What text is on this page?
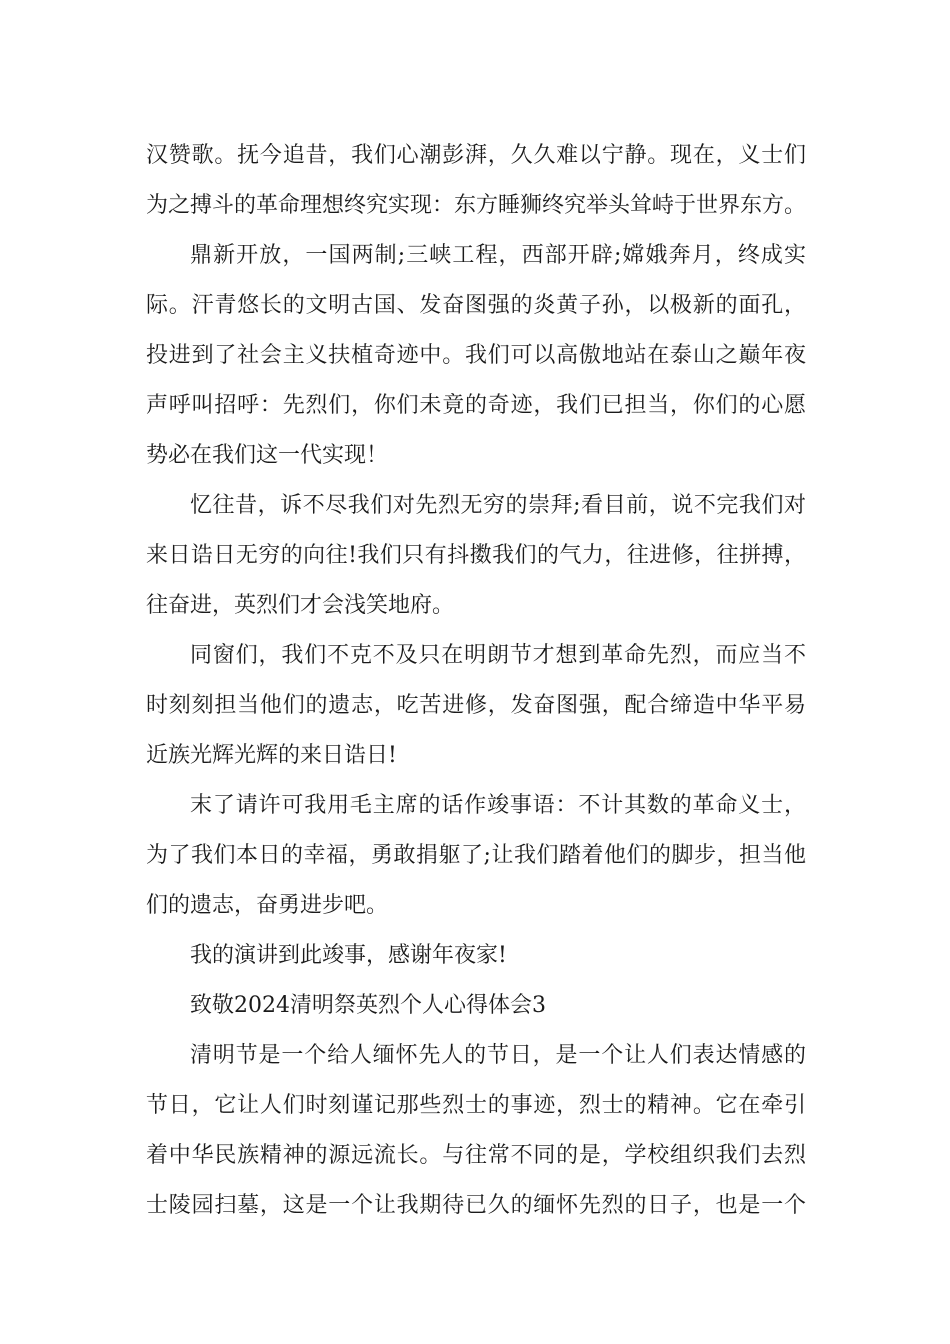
汉赞歌。抚今追昔，我们心潮彭湃，久久难以宁静。现在，义士们
为之搏斗的革命理想终究实现：东方睡狮终究举头耸峙于世界东方。
鼎新开放，一国两制;三峡工程，西部开辟;嫦娥奔月，终成实
际。汗青悠长的文明古国、发奋图强的炎黄子孙，以极新的面孔，
投进到了社会主义扶植奇迹中。我们可以高傲地站在泰山之巅年夜
声呼叫招呼：先烈们，你们未竟的奇迹，我们已担当，你们的心愿
势必在我们这一代实现！
忆往昔，诉不尽我们对先烈无穷的崇拜;看目前，说不完我们对
来日诰日无穷的向往!我们只有抖擞我们的气力，往进修，往拼搏，
往奋进，英烈们才会浅笑地府。
同窗们，我们不克不及只在明朗节才想到革命先烈，而应当不
时刻刻担当他们的遗志，吃苦进修，发奋图强，配合缔造中华平易
近族光辉光辉的来日诰日!
末了请许可我用毛主席的话作竣事语：不计其数的革命义士，
为了我们本日的幸福，勇敢捐躯了;让我们踏着他们的脚步，担当他
们的遗志，奋勇进步吧。
我的演讲到此竣事，感谢年夜家!
致敬2024清明祭英烈个人心得体会3
清明节是一个给人缅怀先人的节日，是一个让人们表达情感的
节日，它让人们时刻谨记那些烈士的事迹，烈士的精神。它在牵引
着中华民族精神的源远流长。与往常不同的是，学校组织我们去烈
士陵园扫墓，这是一个让我期待已久的缅怀先烈的日子，也是一个
